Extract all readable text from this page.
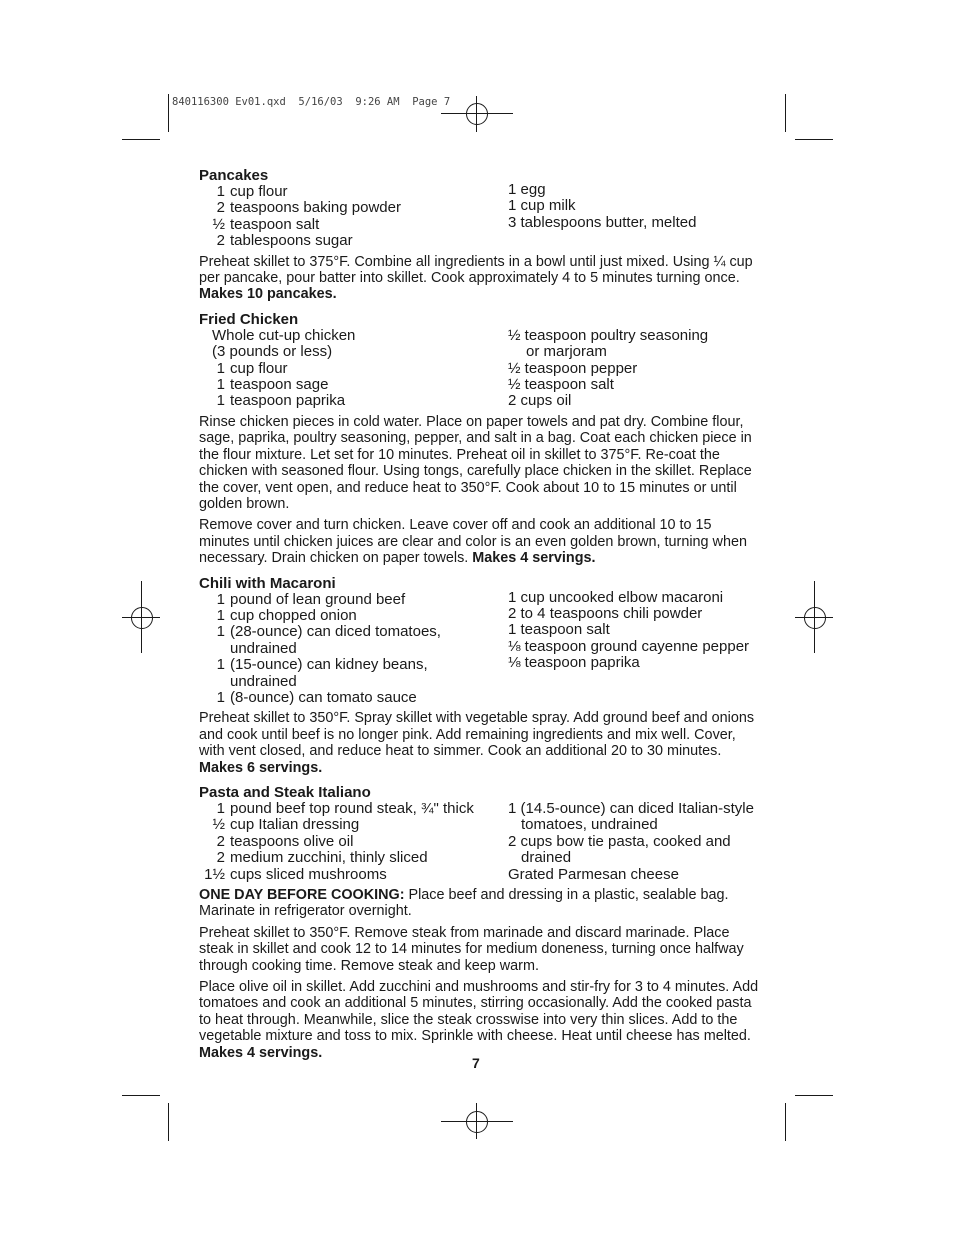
840116300 Ev01.qxd  5/16/03  9:26 AM  Page 7
Pancakes
1 cup flour
2 teaspoons baking powder
½ teaspoon salt
2 tablespoons sugar
1 egg
1 cup milk
3 tablespoons butter, melted

Preheat skillet to 375°F. Combine all ingredients in a bowl until just mixed. Using ¼ cup per pancake, pour batter into skillet. Cook approximately 4 to 5 minutes turning once. Makes 10 pancakes.

Fried Chicken
Whole cut-up chicken
(3 pounds or less)
1 cup flour
1 teaspoon sage
1 teaspoon paprika
½ teaspoon poultry seasoning
or marjoram
½ teaspoon pepper
½ teaspoon salt
2 cups oil

Rinse chicken pieces in cold water. Place on paper towels and pat dry. Combine flour, sage, paprika, poultry seasoning, pepper, and salt in a bag. Coat each chicken piece in the flour mixture. Let set for 10 minutes. Preheat oil in skillet to 375°F. Re-coat the chicken with seasoned flour. Using tongs, carefully place chicken in the skillet. Replace the cover, vent open, and reduce heat to 350°F. Cook about 10 to 15 minutes or until golden brown.

Remove cover and turn chicken. Leave cover off and cook an additional 10 to 15 minutes until chicken juices are clear and color is an even golden brown, turning when necessary. Drain chicken on paper towels. Makes 4 servings.

Chili with Macaroni
1 pound of lean ground beef
1 cup chopped onion
1 (28-ounce) can diced tomatoes,
undrained
1 (15-ounce) can kidney beans,
undrained
1 (8-ounce) can tomato sauce
1 cup uncooked elbow macaroni
2 to 4 teaspoons chili powder
1 teaspoon salt
⅛ teaspoon ground cayenne pepper
⅛ teaspoon paprika

Preheat skillet to 350°F. Spray skillet with vegetable spray. Add ground beef and onions and cook until beef is no longer pink. Add remaining ingredients and mix well. Cover, with vent closed, and reduce heat to simmer. Cook an additional 20 to 30 minutes.
Makes 6 servings.

Pasta and Steak Italiano
1 pound beef top round steak, ¾" thick
½ cup Italian dressing
2 teaspoons olive oil
2 medium zucchini, thinly sliced
1½ cups sliced mushrooms
1 (14.5-ounce) can diced Italian-style
tomatoes, undrained
2 cups bow tie pasta, cooked and
drained
Grated Parmesan cheese

ONE DAY BEFORE COOKING: Place beef and dressing in a plastic, sealable bag. Marinate in refrigerator overnight.

Preheat skillet to 350°F. Remove steak from marinade and discard marinade. Place steak in skillet and cook 12 to 14 minutes for medium doneness, turning once halfway through cooking time. Remove steak and keep warm.

Place olive oil in skillet. Add zucchini and mushrooms and stir-fry for 3 to 4 minutes. Add tomatoes and cook an additional 5 minutes, stirring occasionally. Add the cooked pasta to heat through. Meanwhile, slice the steak crosswise into very thin slices. Add to the vegetable mixture and toss to mix. Sprinkle with cheese. Heat until cheese has melted. Makes 4 servings.

7
